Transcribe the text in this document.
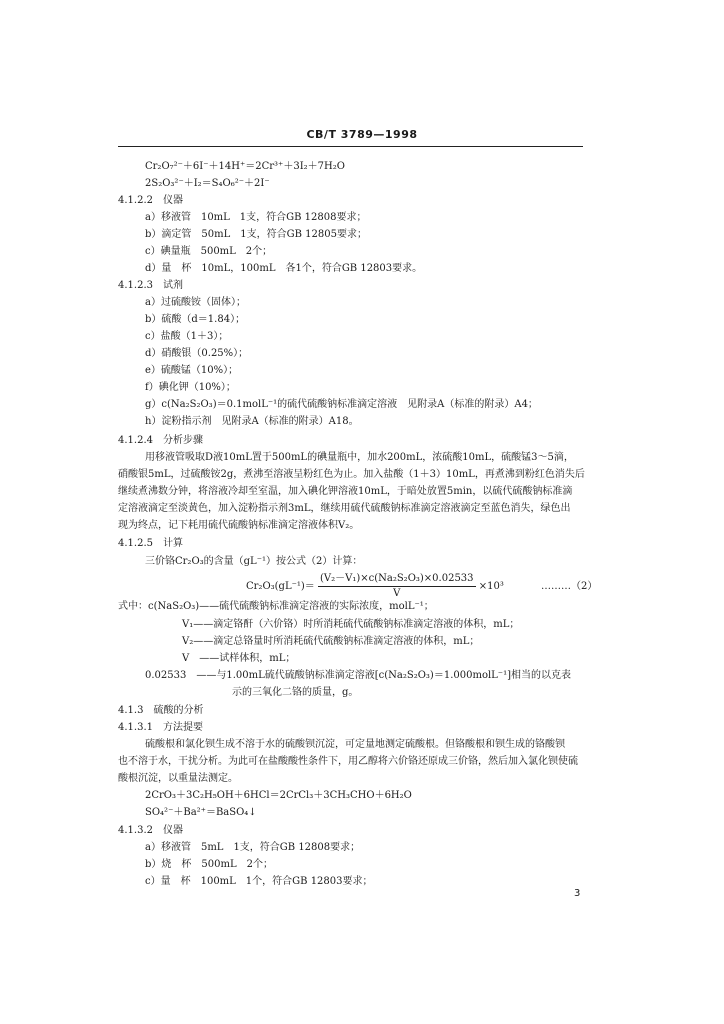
CB/T 3789—1998
Cr₂O₇²⁻＋6I⁻＋14H⁺＝2Cr³⁺＋3I₂＋7H₂O
2S₂O₃²⁻＋I₂＝S₄O₆²⁻＋2I⁻
4.1.2.2　仪器
a）移液管　10mL　1支，符合GB 12808要求；
b）滴定管　50mL　1支，符合GB 12805要求；
c）碘量瓶　500mL　2个；
d）量　杯　10mL，100mL　各1个，符合GB 12803要求。
4.1.2.3　试剂
a）过硫酸铵（固体）；
b）硫酸（d＝1.84）；
c）盐酸（1＋3）；
d）硝酸银（0.25%）；
e）硫酸锰（10%）；
f）碘化钾（10%）；
g）c(Na₂S₂O₃)＝0.1molL⁻¹的硫代硫酸钠标准滴定溶液　见附录A（标准的附录）A4；
h）淀粉指示剂　见附录A（标准的附录）A18。
4.1.2.4　分析步骤
用移液管吸取D液10mL置于500mL的碘量瓶中，加水200mL，浓硫酸10mL，硫酸锰3～5滴，
硝酸银5mL，过硫酸铵2g，煮沸至溶液呈粉红色为止。加入盐酸（1＋3）10mL，再煮沸到粉红色消失后
继续煮沸数分钟，将溶液冷却至室温，加入碘化钾溶液10mL，于暗处放置5min，以硫代硫酸钠标准滴
定溶液滴定至淡黄色，加入淀粉指示剂3mL，继续用硫代硫酸钠标准滴定溶液滴定至蓝色消失，绿色出
现为终点，记下耗用硫代硫酸钠标准滴定溶液体积V₂。
4.1.2.5　计算
三价铬Cr₂O₃的含量（gL⁻¹）按公式（2）计算：
$Cr_2O_3(gL^{-1})= \frac{\text{(V₂－V₁)×c(Na₂S₂O₃)×0.02533}}{V} \times 10^3$	………（2）
式中：c(NaS₂O₃)——硫代硫酸钠标准滴定溶液的实际浓度，molL⁻¹；
V₁——滴定铬酐（六价铬）时所消耗硫代硫酸钠标准滴定溶液的体积，mL；
V₂——滴定总铬量时所消耗硫代硫酸钠标准滴定溶液的体积，mL；
V　——试样体积，mL；
0.02533　——与1.00mL硫代硫酸钠标准滴定溶液[c(Na₂S₂O₃)＝1.000molL⁻¹]相当的以克表
示的三氧化二铬的质量，g。
4.1.3　硫酸的分析
4.1.3.1　方法提要
硫酸根和氯化钡生成不溶于水的硫酸钡沉淀，可定量地测定硫酸根。但铬酸根和钡生成的铬酸钡
也不溶于水，干扰分析。为此可在盐酸酸性条件下，用乙醇将六价铬还原成三价铬，然后加入氯化钡使硫
酸根沉淀，以重量法测定。
2CrO₃＋3C₂H₅OH＋6HCl＝2CrCl₃＋3CH₃CHO＋6H₂O
SO₄²⁻＋Ba²⁺＝BaSO₄↓
4.1.3.2　仪器
a）移液管　5mL　1支，符合GB 12808要求；
b）烧　杯　500mL　2个；
c）量　杯　100mL　1个，符合GB 12803要求；
3
